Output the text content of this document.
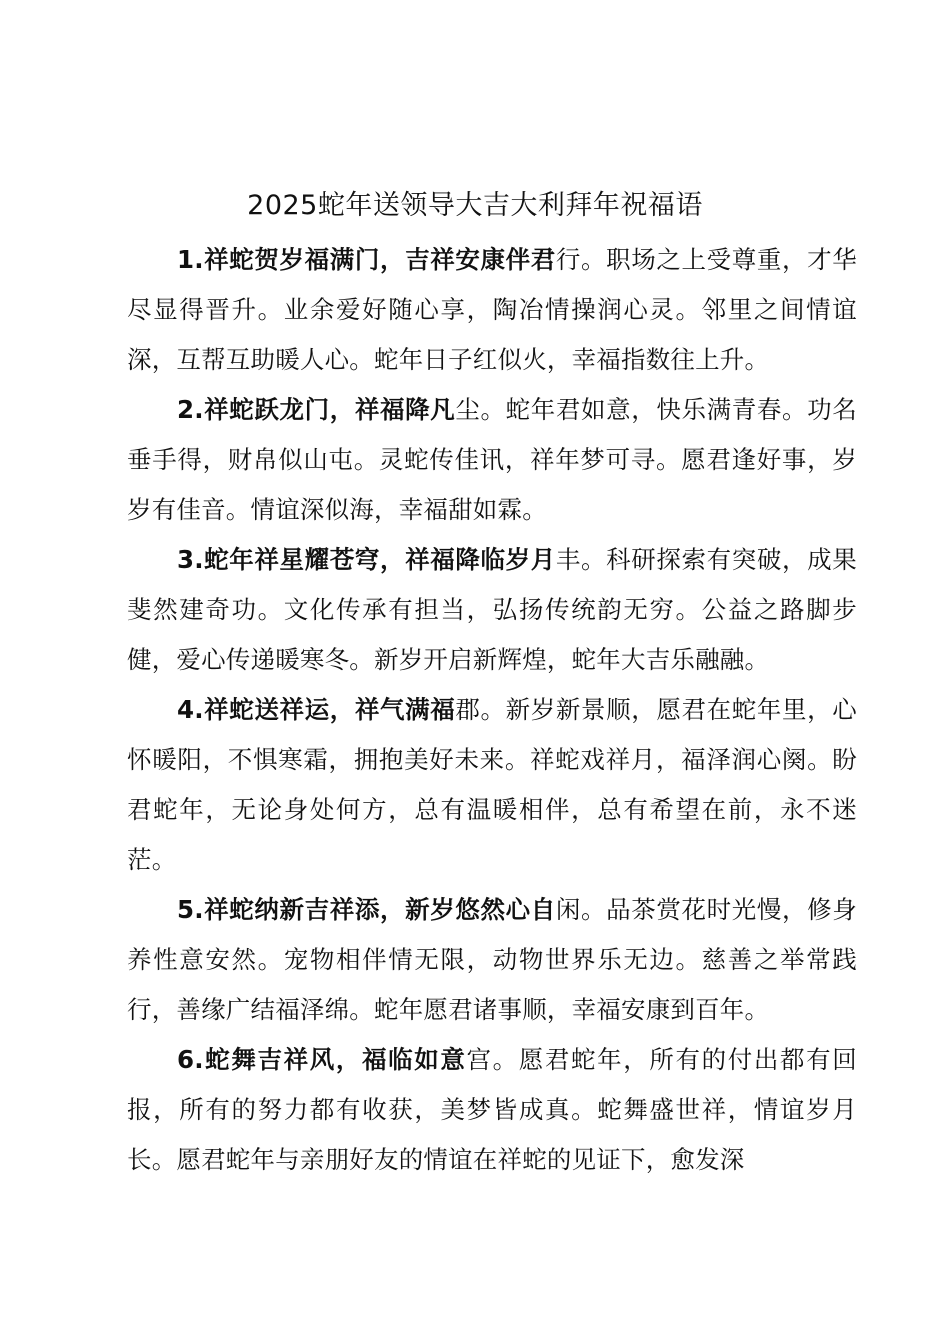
2025蛇年送领导大吉大利拜年祝福语

1.祥蛇贺岁福满门，吉祥安康伴君行。职场之上受尊重，才华尽显得晋升。业余爱好随心享，陶冶情操润心灵。邻里之间情谊深，互帮互助暖人心。蛇年日子红似火，幸福指数往上升。

2.祥蛇跃龙门，祥福降凡尘。蛇年君如意，快乐满青春。功名垂手得，财帛似山屯。灵蛇传佳讯，祥年梦可寻。愿君逢好事，岁岁有佳音。情谊深似海，幸福甜如霖。

3.蛇年祥星耀苍穹，祥福降临岁月丰。科研探索有突破，成果斐然建奇功。文化传承有担当，弘扬传统韵无穷。公益之路脚步健，爱心传递暖寒冬。新岁开启新辉煌，蛇年大吉乐融融。

4.祥蛇送祥运，祥气满福郡。新岁新景顺，愿君在蛇年里，心怀暖阳，不惧寒霜，拥抱美好未来。祥蛇戏祥月，福泽润心阕。盼君蛇年，无论身处何方，总有温暖相伴，总有希望在前，永不迷茫。

5.祥蛇纳新吉祥添，新岁悠然心自闲。品茶赏花时光慢，修身养性意安然。宠物相伴情无限，动物世界乐无边。慈善之举常践行，善缘广结福泽绵。蛇年愿君诸事顺，幸福安康到百年。

6.蛇舞吉祥风，福临如意宫。愿君蛇年，所有的付出都有回报，所有的努力都有收获，美梦皆成真。蛇舞盛世祥，情谊岁月长。愿君蛇年与亲朋好友的情谊在祥蛇的见证下，愈发深
